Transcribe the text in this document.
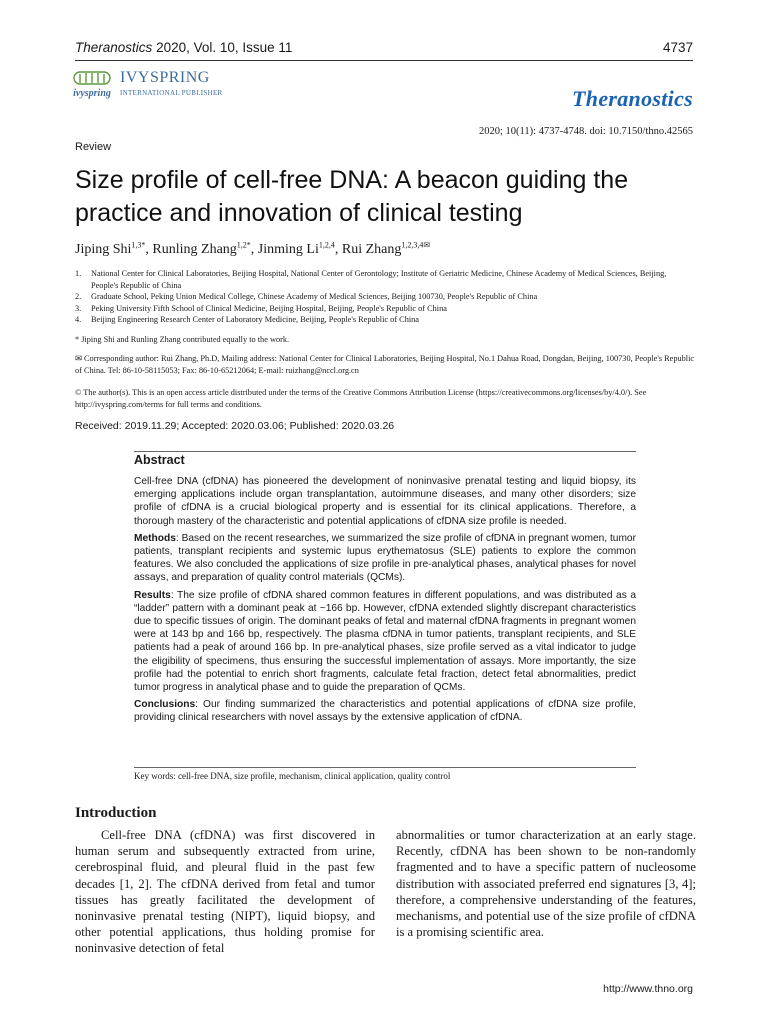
Theranostics 2020, Vol. 10, Issue 11	4737
ivyspring
IVYSPRING
INTERNATIONAL PUBLISHER	Theranostics
2020; 10(11): 4737-4748. doi: 10.7150/thno.42565
Review
Size profile of cell-free DNA: A beacon guiding the practice and innovation of clinical testing
Jiping Shi$^{1,3*}$, Runling Zhang$^{1,2*}$, Jinming Li$^{1,2,4}$, Rui Zhang$^{1,2,3,4✉}$
1.	National Center for Clinical Laboratories, Beijing Hospital, National Center of Gerontology; Institute of Geriatric Medicine, Chinese Academy of Medical Sciences, Beijing, People's Republic of China
2.	Graduate School, Peking Union Medical College, Chinese Academy of Medical Sciences, Beijing 100730, People's Republic of China
3.	Peking University Fifth School of Clinical Medicine, Beijing Hospital, Beijing, People's Republic of China
4.	Beijing Engineering Research Center of Laboratory Medicine, Beijing, People's Republic of China
* Jiping Shi and Runling Zhang contributed equally to the work.
✉ Corresponding author: Rui Zhang, Ph.D, Mailing address: National Center for Clinical Laboratories, Beijing Hospital, No.1 Dahua Road, Dongdan, Beijing, 100730, People's Republic of China. Tel: 86-10-58115053; Fax: 86-10-65212064; E-mail: ruizhang@nccl.org.cn
© The author(s). This is an open access article distributed under the terms of the Creative Commons Attribution License (https://creativecommons.org/licenses/by/4.0/). See http://ivyspring.com/terms for full terms and conditions.
Received: 2019.11.29; Accepted: 2020.03.06; Published: 2020.03.26
Abstract

Cell-free DNA (cfDNA) has pioneered the development of noninvasive prenatal testing and liquid biopsy, its emerging applications include organ transplantation, autoimmune diseases, and many other disorders; size profile of cfDNA is a crucial biological property and is essential for its clinical applications. Therefore, a thorough mastery of the characteristic and potential applications of cfDNA size profile is needed.

Methods: Based on the recent researches, we summarized the size profile of cfDNA in pregnant women, tumor patients, transplant recipients and systemic lupus erythematosus (SLE) patients to explore the common features. We also concluded the applications of size profile in pre-analytical phases, analytical phases for novel assays, and preparation of quality control materials (QCMs).

Results: The size profile of cfDNA shared common features in different populations, and was distributed as a “ladder” pattern with a dominant peak at ~166 bp. However, cfDNA extended slightly discrepant characteristics due to specific tissues of origin. The dominant peaks of fetal and maternal cfDNA fragments in pregnant women were at 143 bp and 166 bp, respectively. The plasma cfDNA in tumor patients, transplant recipients, and SLE patients had a peak of around 166 bp. In pre-analytical phases, size profile served as a vital indicator to judge the eligibility of specimens, thus ensuring the successful implementation of assays. More importantly, the size profile had the potential to enrich short fragments, calculate fetal fraction, detect fetal abnormalities, predict tumor progress in analytical phase and to guide the preparation of QCMs.

Conclusions: Our finding summarized the characteristics and potential applications of cfDNA size profile, providing clinical researchers with novel assays by the extensive application of cfDNA.

Key words: cell-free DNA, size profile, mechanism, clinical application, quality control
Introduction
Cell-free DNA (cfDNA) was first discovered in human serum and subsequently extracted from urine, cerebrospinal fluid, and pleural fluid in the past few decades [1, 2]. The cfDNA derived from fetal and tumor tissues has greatly facilitated the development of noninvasive prenatal testing (NIPT), liquid biopsy, and other potential applications, thus holding promise for noninvasive detection of fetal
abnormalities or tumor characterization at an early stage. Recently, cfDNA has been shown to be non-randomly fragmented and to have a specific pattern of nucleosome distribution with associated preferred end signatures [3, 4]; therefore, a comprehensive understanding of the features, mechanisms, and potential use of the size profile of cfDNA is a promising scientific area.
http://www.thno.org
